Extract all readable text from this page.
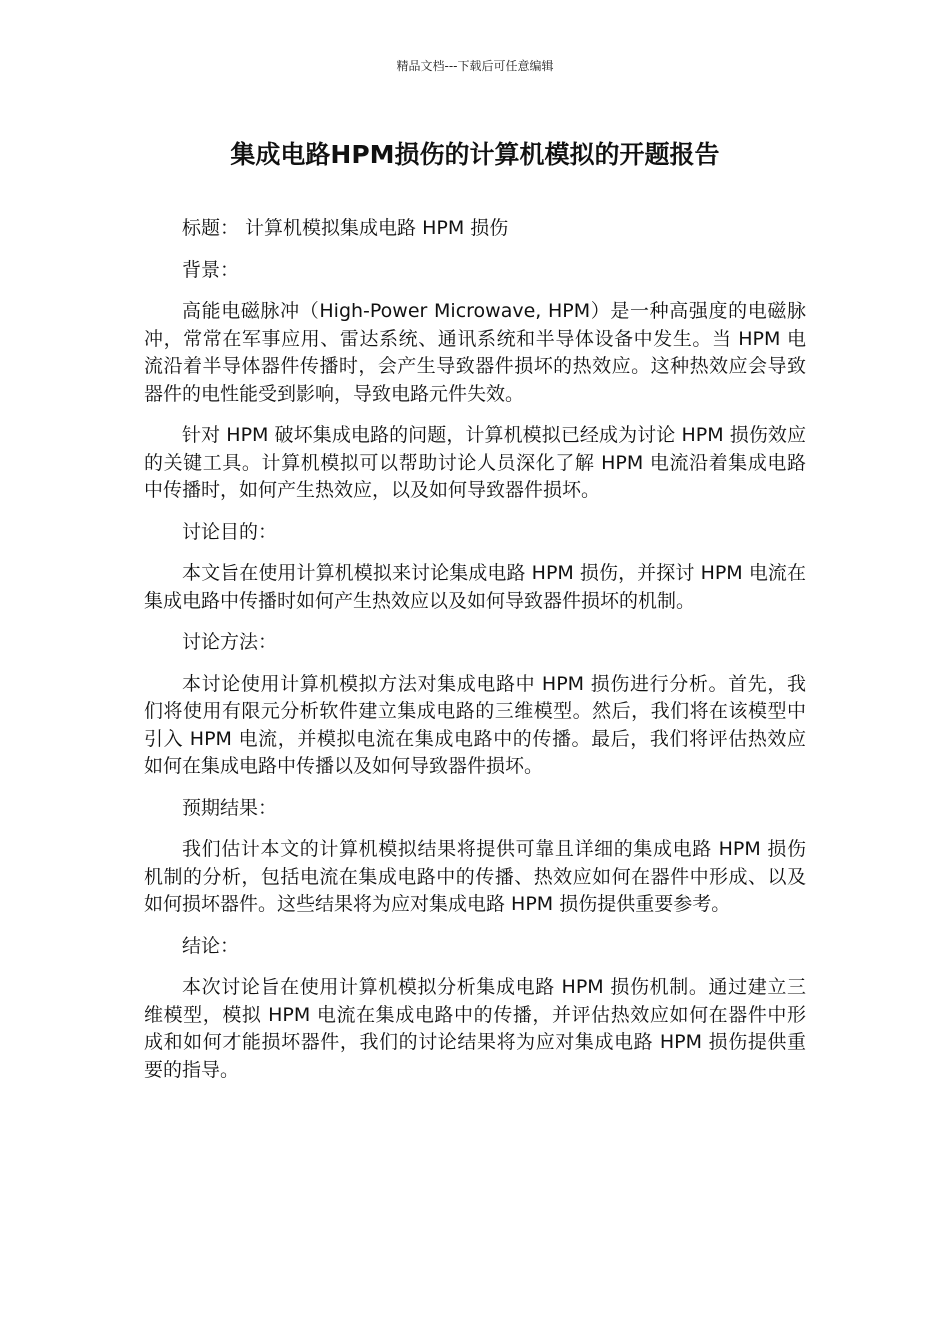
精品文档---下载后可任意编辑
集成电路HPM损伤的计算机模拟的开题报告

标题： 计算机模拟集成电路 HPM 损伤

背景：

高能电磁脉冲（High-Power Microwave, HPM）是一种高强度的电磁脉冲，常常在军事应用、雷达系统、通讯系统和半导体设备中发生。当 HPM 电流沿着半导体器件传播时，会产生导致器件损坏的热效应。这种热效应会导致器件的电性能受到影响，导致电路元件失效。

针对 HPM 破坏集成电路的问题，计算机模拟已经成为讨论 HPM 损伤效应的关键工具。计算机模拟可以帮助讨论人员深化了解 HPM 电流沿着集成电路中传播时，如何产生热效应，以及如何导致器件损坏。

讨论目的：

本文旨在使用计算机模拟来讨论集成电路 HPM 损伤，并探讨 HPM 电流在集成电路中传播时如何产生热效应以及如何导致器件损坏的机制。

讨论方法：

本讨论使用计算机模拟方法对集成电路中 HPM 损伤进行分析。首先，我们将使用有限元分析软件建立集成电路的三维模型。然后，我们将在该模型中引入 HPM 电流，并模拟电流在集成电路中的传播。最后，我们将评估热效应如何在集成电路中传播以及如何导致器件损坏。

预期结果：

我们估计本文的计算机模拟结果将提供可靠且详细的集成电路 HPM 损伤机制的分析，包括电流在集成电路中的传播、热效应如何在器件中形成、以及如何损坏器件。这些结果将为应对集成电路 HPM 损伤提供重要参考。

结论：

本次讨论旨在使用计算机模拟分析集成电路 HPM 损伤机制。通过建立三维模型，模拟 HPM 电流在集成电路中的传播，并评估热效应如何在器件中形成和如何才能损坏器件，我们的讨论结果将为应对集成电路 HPM 损伤提供重要的指导。
